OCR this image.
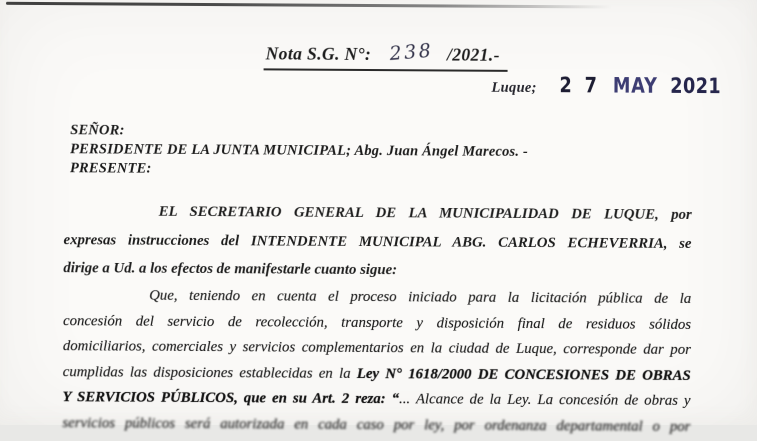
Nota S.G. N°: 238 /2021.-
Luque; 2 7 MAY 2021
SEÑOR:
PERSIDENTE DE LA JUNTA MUNICIPAL; Abg. Juan Ángel Marecos. -
PRESENTE:
EL SECRETARIO GENERAL DE LA MUNICIPALIDAD DE LUQUE, por
expresas instrucciones del INTENDENTE MUNICIPAL ABG. CARLOS ECHEVERRIA, se
dirige a Ud. a los efectos de manifestarle cuanto sigue:
Que, teniendo en cuenta el proceso iniciado para la licitación pública de la
concesión del servicio de recolección, transporte y disposición final de residuos sólidos
domiciliarios, comerciales y servicios complementarios en la ciudad de Luque, corresponde dar por
cumplidas las disposiciones establecidas en la Ley N° 1618/2000 DE CONCESIONES DE OBRAS
Y SERVICIOS PÚBLICOS, que en su Art. 2 reza: “... Alcance de la Ley. La concesión de obras y
servicios públicos será autorizada en cada caso por ley, por ordenanza departamental o por
